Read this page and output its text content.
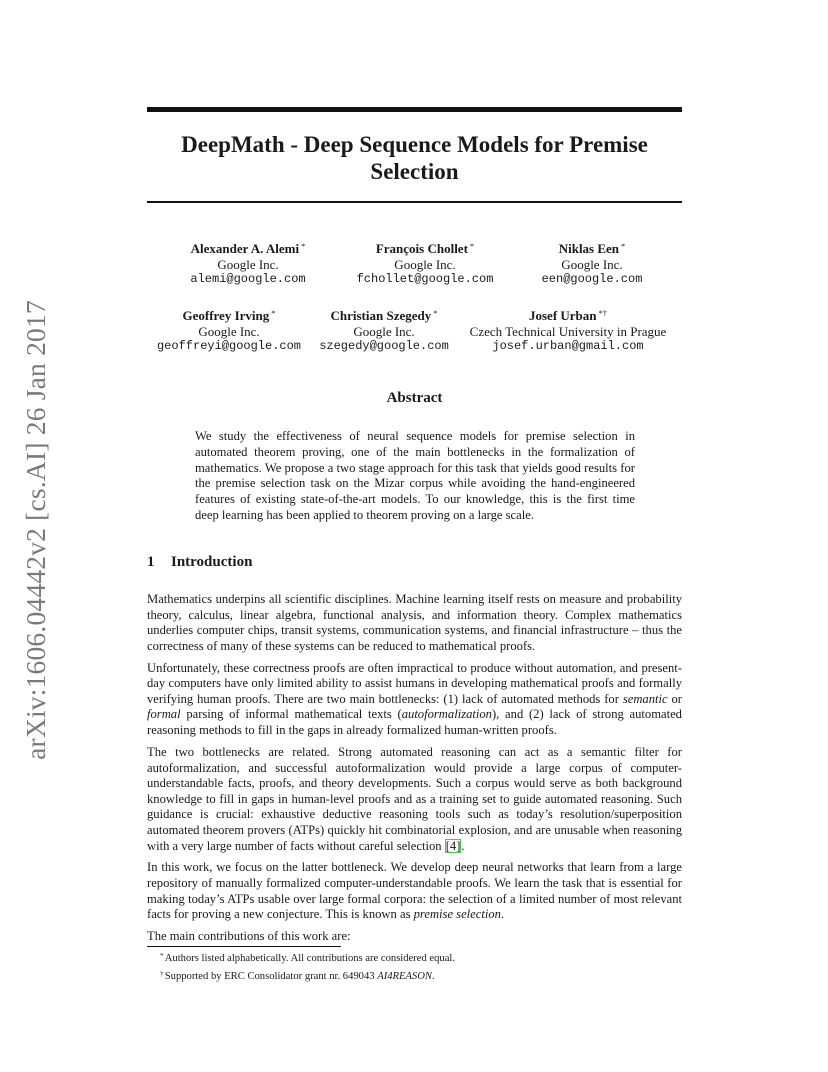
arXiv:1606.04442v2 [cs.AI] 26 Jan 2017
DeepMath - Deep Sequence Models for Premise Selection
Alexander A. Alemi *
Google Inc.
alemi@google.com
François Chollet *
Google Inc.
fchollet@google.com
Niklas Een *
Google Inc.
een@google.com
Geoffrey Irving *
Google Inc.
geoffreyi@google.com
Christian Szegedy *
Google Inc.
szegedy@google.com
Josef Urban *†
Czech Technical University in Prague
josef.urban@gmail.com
Abstract
We study the effectiveness of neural sequence models for premise selection in automated theorem proving, one of the main bottlenecks in the formalization of mathematics. We propose a two stage approach for this task that yields good results for the premise selection task on the Mizar corpus while avoiding the hand-engineered features of existing state-of-the-art models. To our knowledge, this is the first time deep learning has been applied to theorem proving on a large scale.
1 Introduction

Mathematics underpins all scientific disciplines. Machine learning itself rests on measure and probability theory, calculus, linear algebra, functional analysis, and information theory. Complex mathematics underlies computer chips, transit systems, communication systems, and financial infrastructure – thus the correctness of many of these systems can be reduced to mathematical proofs.

Unfortunately, these correctness proofs are often impractical to produce without automation, and present-day computers have only limited ability to assist humans in developing mathematical proofs and formally verifying human proofs. There are two main bottlenecks: (1) lack of automated methods for semantic or formal parsing of informal mathematical texts (autoformalization), and (2) lack of strong automated reasoning methods to fill in the gaps in already formalized human-written proofs.

The two bottlenecks are related. Strong automated reasoning can act as a semantic filter for autoformalization, and successful autoformalization would provide a large corpus of computer-understandable facts, proofs, and theory developments. Such a corpus would serve as both background knowledge to fill in gaps in human-level proofs and as a training set to guide automated reasoning. Such guidance is crucial: exhaustive deductive reasoning tools such as today’s resolution/superposition automated theorem provers (ATPs) quickly hit combinatorial explosion, and are unusable when reasoning with a very large number of facts without careful selection [4].

In this work, we focus on the latter bottleneck. We develop deep neural networks that learn from a large repository of manually formalized computer-understandable proofs. We learn the task that is essential for making today’s ATPs usable over large formal corpora: the selection of a limited number of most relevant facts for proving a new conjecture. This is known as premise selection.

The main contributions of this work are:

*Authors listed alphabetically. All contributions are considered equal.
†Supported by ERC Consolidator grant nr. 649043 AI4REASON.
